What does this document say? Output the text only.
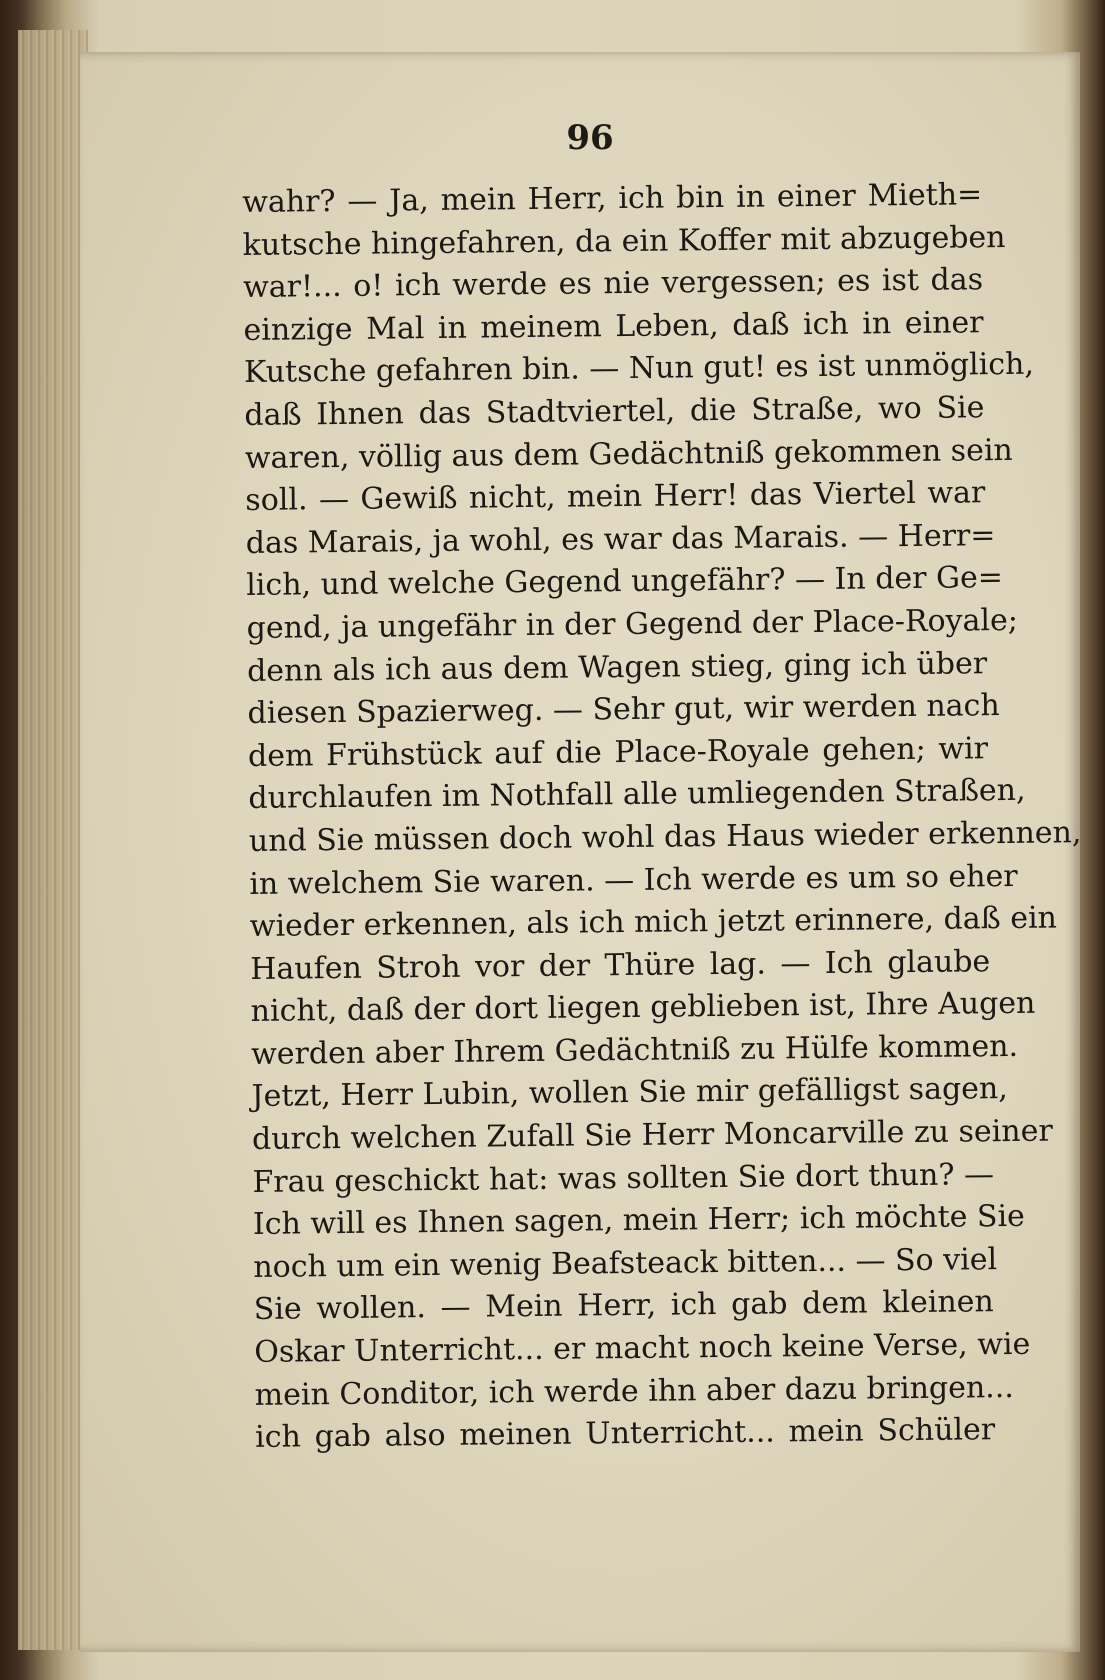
96
wahr? — Ja, mein Herr, ich bin in einer Mieth=
kutsche hingefahren, da ein Koffer mit abzugeben
war!... o! ich werde es nie vergessen; es ist das
einzige Mal in meinem Leben, daß ich in einer
Kutsche gefahren bin. — Nun gut! es ist unmöglich,
daß Ihnen das Stadtviertel, die Straße, wo Sie
waren, völlig aus dem Gedächtniß gekommen sein
soll. — Gewiß nicht, mein Herr! das Viertel war
das Marais, ja wohl, es war das Marais. — Herr=
lich, und welche Gegend ungefähr? — In der Ge=
gend, ja ungefähr in der Gegend der Place-Royale;
denn als ich aus dem Wagen stieg, ging ich über
diesen Spazierweg. — Sehr gut, wir werden nach
dem Frühstück auf die Place-Royale gehen; wir
durchlaufen im Nothfall alle umliegenden Straßen,
und Sie müssen doch wohl das Haus wieder erkennen,
in welchem Sie waren. — Ich werde es um so eher
wieder erkennen, als ich mich jetzt erinnere, daß ein
Haufen Stroh vor der Thüre lag. — Ich glaube
nicht, daß der dort liegen geblieben ist, Ihre Augen
werden aber Ihrem Gedächtniß zu Hülfe kommen.
Jetzt, Herr Lubin, wollen Sie mir gefälligst sagen,
durch welchen Zufall Sie Herr Moncarville zu seiner
Frau geschickt hat: was sollten Sie dort thun? —
Ich will es Ihnen sagen, mein Herr; ich möchte Sie
noch um ein wenig Beafsteack bitten... — So viel
Sie wollen. — Mein Herr, ich gab dem kleinen
Oskar Unterricht... er macht noch keine Verse, wie
mein Conditor, ich werde ihn aber dazu bringen...
ich gab also meinen Unterricht... mein Schüler
